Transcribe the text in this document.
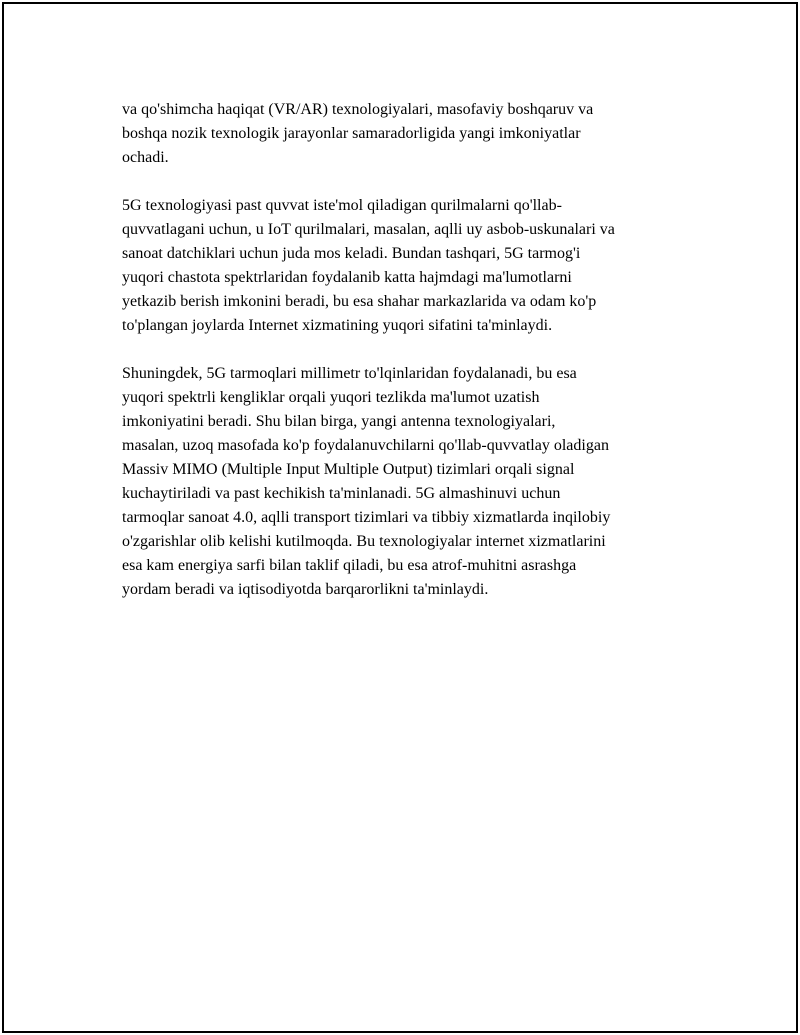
va qo'shimcha haqiqat (VR/AR) texnologiyalari, masofaviy boshqaruv va
boshqa nozik texnologik jarayonlar samaradorligida yangi imkoniyatlar
ochadi.

5G texnologiyasi past quvvat iste'mol qiladigan qurilmalarni qo'llab-
quvvatlagani uchun, u IoT qurilmalari, masalan, aqlli uy asbob-uskunalari va
sanoat datchiklari uchun juda mos keladi. Bundan tashqari, 5G tarmog'i
yuqori chastota spektrlaridan foydalanib katta hajmdagi ma'lumotlarni
yetkazib berish imkonini beradi, bu esa shahar markazlarida va odam ko'p
to'plangan joylarda Internet xizmatining yuqori sifatini ta'minlaydi.

Shuningdek, 5G tarmoqlari millimetr to'lqinlaridan foydalanadi, bu esa
yuqori spektrli kengliklar orqali yuqori tezlikda ma'lumot uzatish
imkoniyatini beradi. Shu bilan birga, yangi antenna texnologiyalari,
masalan, uzoq masofada ko'p foydalanuvchilarni qo'llab-quvvatlay oladigan
Massiv MIMO (Multiple Input Multiple Output) tizimlari orqali signal
kuchaytiriladi va past kechikish ta'minlanadi. 5G almashinuvi uchun
tarmoqlar sanoat 4.0, aqlli transport tizimlari va tibbiy xizmatlarda inqilobiy
o'zgarishlar olib kelishi kutilmoqda. Bu texnologiyalar internet xizmatlarini
esa kam energiya sarfi bilan taklif qiladi, bu esa atrof-muhitni asrashga
yordam beradi va iqtisodiyotda barqarorlikni ta'minlaydi.
